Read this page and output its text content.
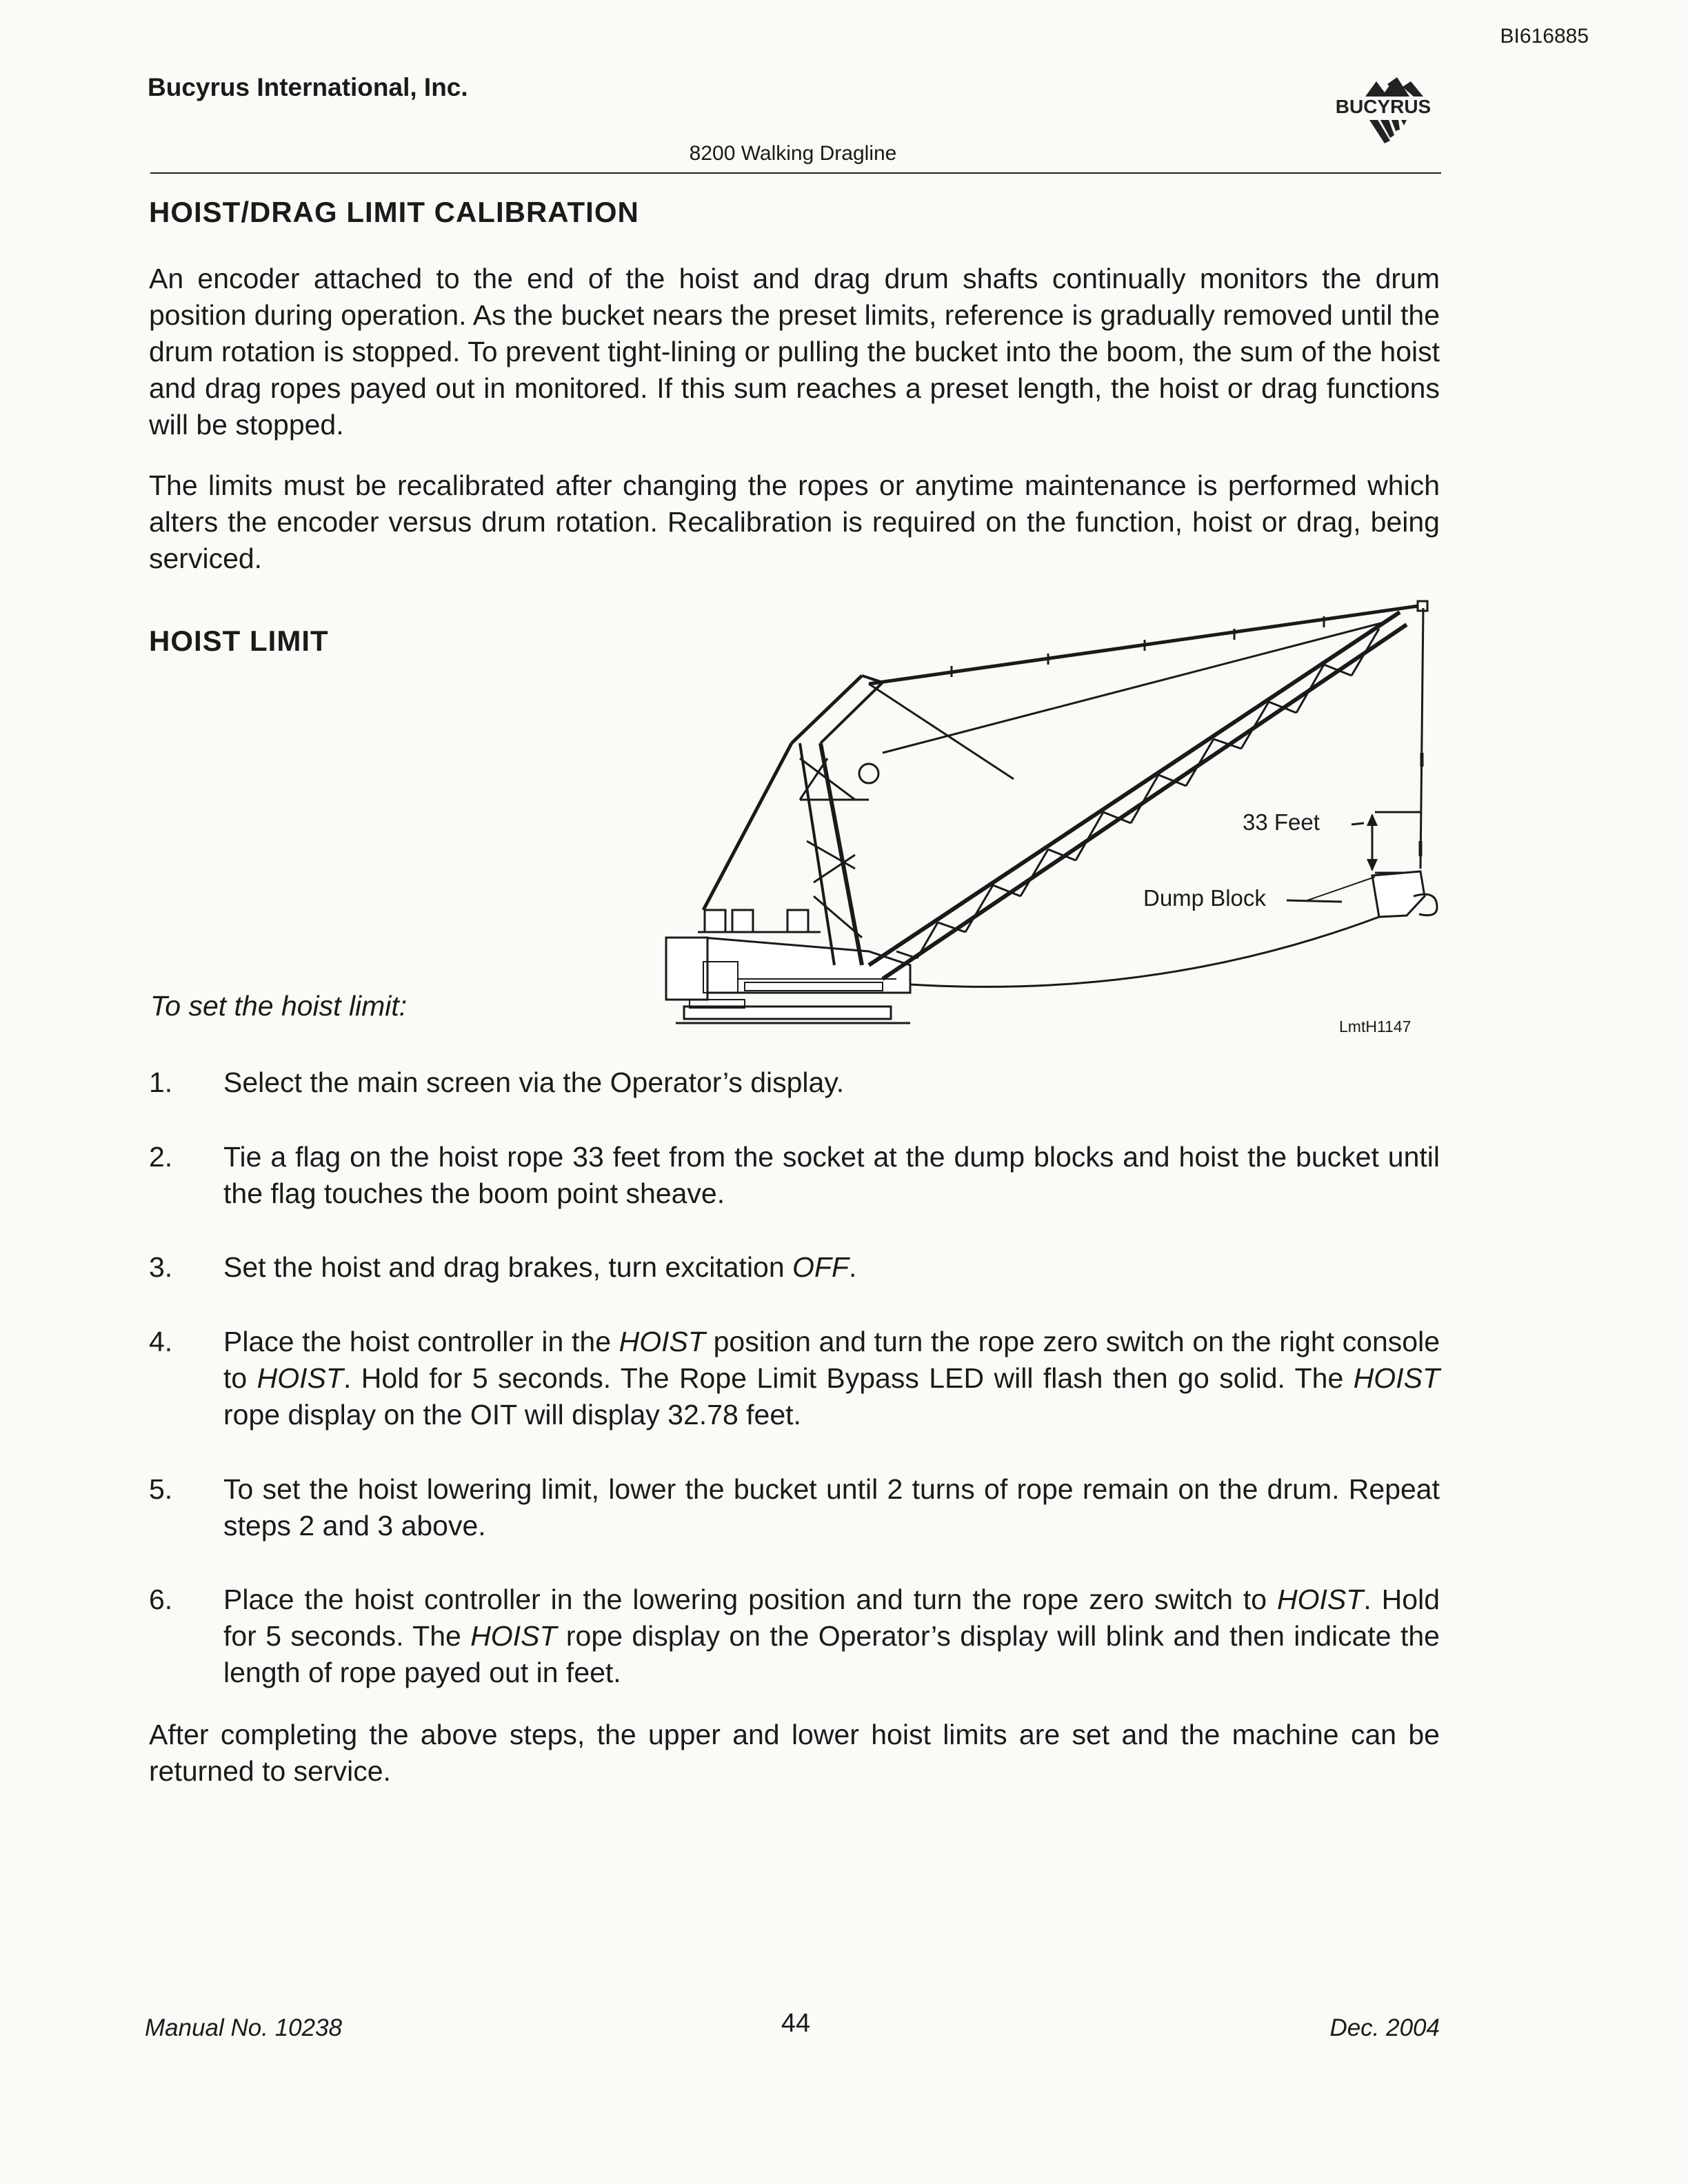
BI616885
Bucyrus International, Inc.
BUCYRUS
8200 Walking Dragline
HOIST/DRAG LIMIT CALIBRATION

An encoder attached to the end of the hoist and drag drum shafts continually monitors the drum position during operation. As the bucket nears the preset limits, reference is gradually removed until the drum rotation is stopped. To prevent tight-lining or pulling the bucket into the boom, the sum of the hoist and drag ropes payed out in monitored. If this sum reaches a preset length, the hoist or drag functions will be stopped.

The limits must be recalibrated after changing the ropes or anytime maintenance is performed which alters the encoder versus drum rotation. Recalibration is required on the function, hoist or drag, being serviced.

HOIST LIMIT
33 Feet
Dump Block
LmtH1147
To set the hoist limit:
1. Select the main screen via the Operator’s display.
2. Tie a flag on the hoist rope 33 feet from the socket at the dump blocks and hoist the bucket until the flag touches the boom point sheave.
3. Set the hoist and drag brakes, turn excitation OFF.
4. Place the hoist controller in the HOIST position and turn the rope zero switch on the right console to HOIST. Hold for 5 seconds. The Rope Limit Bypass LED will flash then go solid. The HOIST rope display on the OIT will display 32.78 feet.
5. To set the hoist lowering limit, lower the bucket until 2 turns of rope remain on the drum. Repeat steps 2 and 3 above.
6. Place the hoist controller in the lowering position and turn the rope zero switch to HOIST. Hold for 5 seconds. The HOIST rope display on the Operator’s display will blink and then indicate the length of rope payed out in feet.

After completing the above steps, the upper and lower hoist limits are set and the machine can be returned to service.

Manual No. 10238	44	Dec. 2004
